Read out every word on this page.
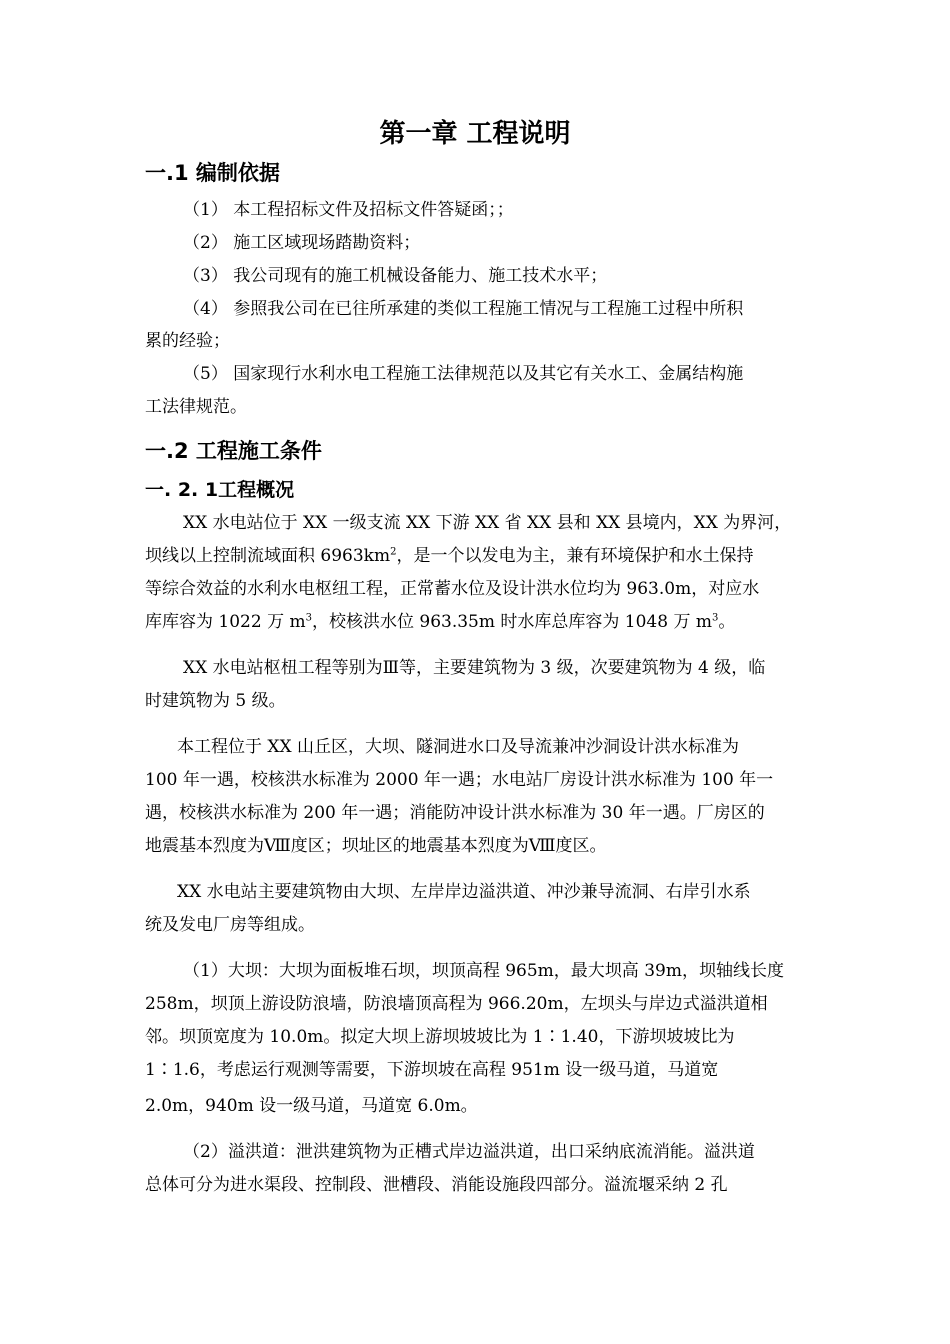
第一章 工程说明
一.1 编制依据
（1） 本工程招标文件及招标文件答疑函；；
（2） 施工区域现场踏勘资料；
（3） 我公司现有的施工机械设备能力、施工技术水平；
（4） 参照我公司在已往所承建的类似工程施工情况与工程施工过程中所积
累的经验；
（5） 国家现行水利水电工程施工法律规范以及其它有关水工、金属结构施
工法律规范。
一.2 工程施工条件
一. 2. 1工程概况
XX 水电站位于 XX 一级支流 XX 下游 XX 省 XX 县和 XX 县境内，XX 为界河，
坝线以上控制流域面积 $6963km^2$，是一个以发电为主，兼有环境保护和水土保持
等综合效益的水利水电枢纽工程，正常蓄水位及设计洪水位均为 963.0m，对应水
库库容为 1022 万 $m^3$，校核洪水位 963.35m 时水库总库容为 1048 万 $m^3$。
XX 水电站枢杻工程等别为Ⅲ等，主要建筑物为 3 级，次要建筑物为 4 级，临
时建筑物为 5 级。
本工程位于 XX 山丘区，大坝、隧洞进水口及导流兼冲沙洞设计洪水标准为
100 年一遇，校核洪水标准为 2000 年一遇；水电站厂房设计洪水标准为 100 年一
遇，校核洪水标准为 200 年一遇；消能防冲设计洪水标准为 30 年一遇。厂房区的
地震基本烈度为Ⅷ度区；坝址区的地震基本烈度为Ⅷ度区。
XX 水电站主要建筑物由大坝、左岸岸边溢洪道、冲沙兼导流洞、右岸引水系
统及发电厂房等组成。
（1）大坝：大坝为面板堆石坝，坝顶高程 965m，最大坝高 39m，坝轴线长度
258m，坝顶上游设防浪墙，防浪墙顶高程为 966.20m，左坝头与岸边式溢洪道相
邻。坝顶宽度为 10.0m。拟定大坝上游坝坡坡比为 1∶1.40，下游坝坡坡比为
1∶1.6，考虑运行观测等需要，下游坝坡在高程 951m 设一级马道，马道宽
2.0m，940m 设一级马道，马道宽 6.0m。
（2）溢洪道：泄洪建筑物为正槽式岸边溢洪道，出口采纳底流消能。溢洪道
总体可分为进水渠段、控制段、泄槽段、消能设施段四部分。溢流堰采纳 2 孔
